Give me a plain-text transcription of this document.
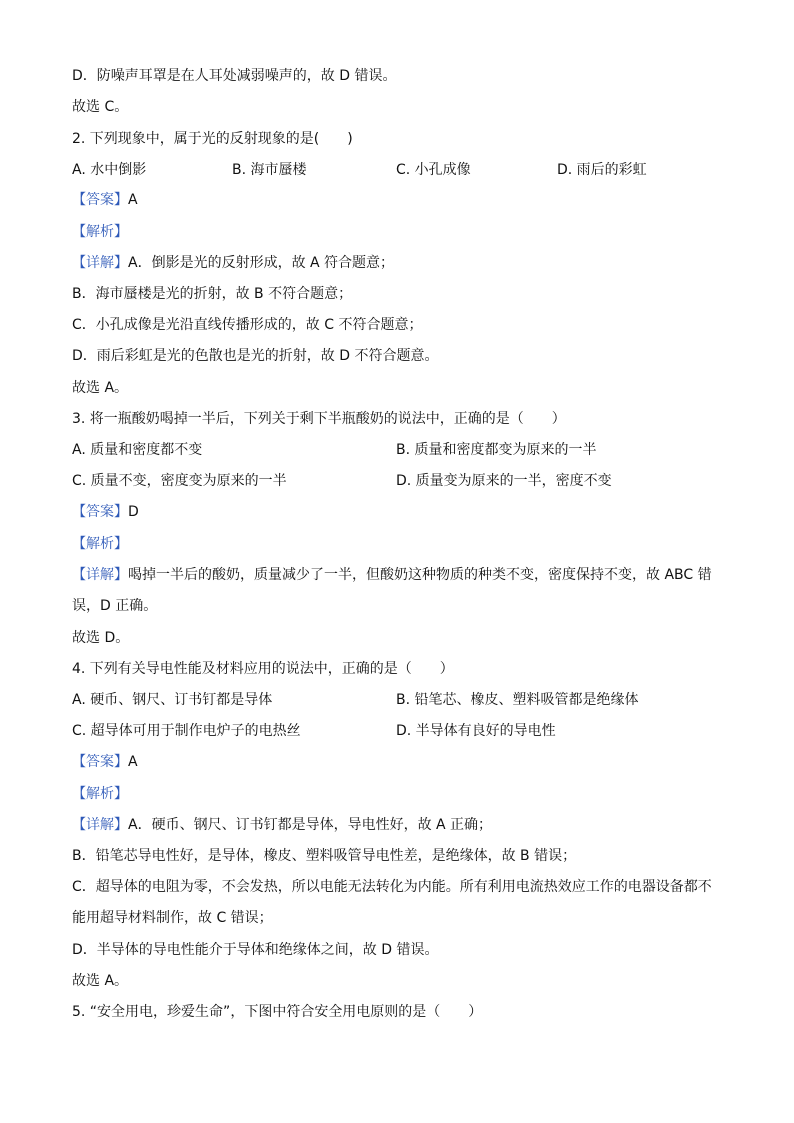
D．防噪声耳罩是在人耳处减弱噪声的，故 D 错误。
故选 C。
2. 下列现象中，属于光的反射现象的是(　　)
A. 水中倒影	B. 海市蜃楼	C. 小孔成像	D. 雨后的彩虹
【答案】A
【解析】
【详解】A．倒影是光的反射形成，故 A 符合题意；
B．海市蜃楼是光的折射，故 B 不符合题意；
C．小孔成像是光沿直线传播形成的，故 C 不符合题意；
D．雨后彩虹是光的色散也是光的折射，故 D 不符合题意。
故选 A。
3. 将一瓶酸奶喝掉一半后，下列关于剩下半瓶酸奶的说法中，正确的是（　　）
A. 质量和密度都不变	B. 质量和密度都变为原来的一半
C. 质量不变，密度变为原来的一半	D. 质量变为原来的一半，密度不变
【答案】D
【解析】
【详解】喝掉一半后的酸奶，质量减少了一半，但酸奶这种物质的种类不变，密度保持不变，故 ABC 错
误，D 正确。
故选 D。
4. 下列有关导电性能及材料应用的说法中，正确的是（　　）
A. 硬币、钢尺、订书钉都是导体	B. 铅笔芯、橡皮、塑料吸管都是绝缘体
C. 超导体可用于制作电炉子的电热丝	D. 半导体有良好的导电性
【答案】A
【解析】
【详解】A．硬币、钢尺、订书钉都是导体，导电性好，故 A 正确；
B．铅笔芯导电性好，是导体，橡皮、塑料吸管导电性差，是绝缘体，故 B 错误；
C．超导体的电阻为零，不会发热，所以电能无法转化为内能。所有利用电流热效应工作的电器设备都不
能用超导材料制作，故 C 错误；
D．半导体的导电性能介于导体和绝缘体之间，故 D 错误。
故选 A。
5. “安全用电，珍爱生命”，下图中符合安全用电原则的是（　　）
